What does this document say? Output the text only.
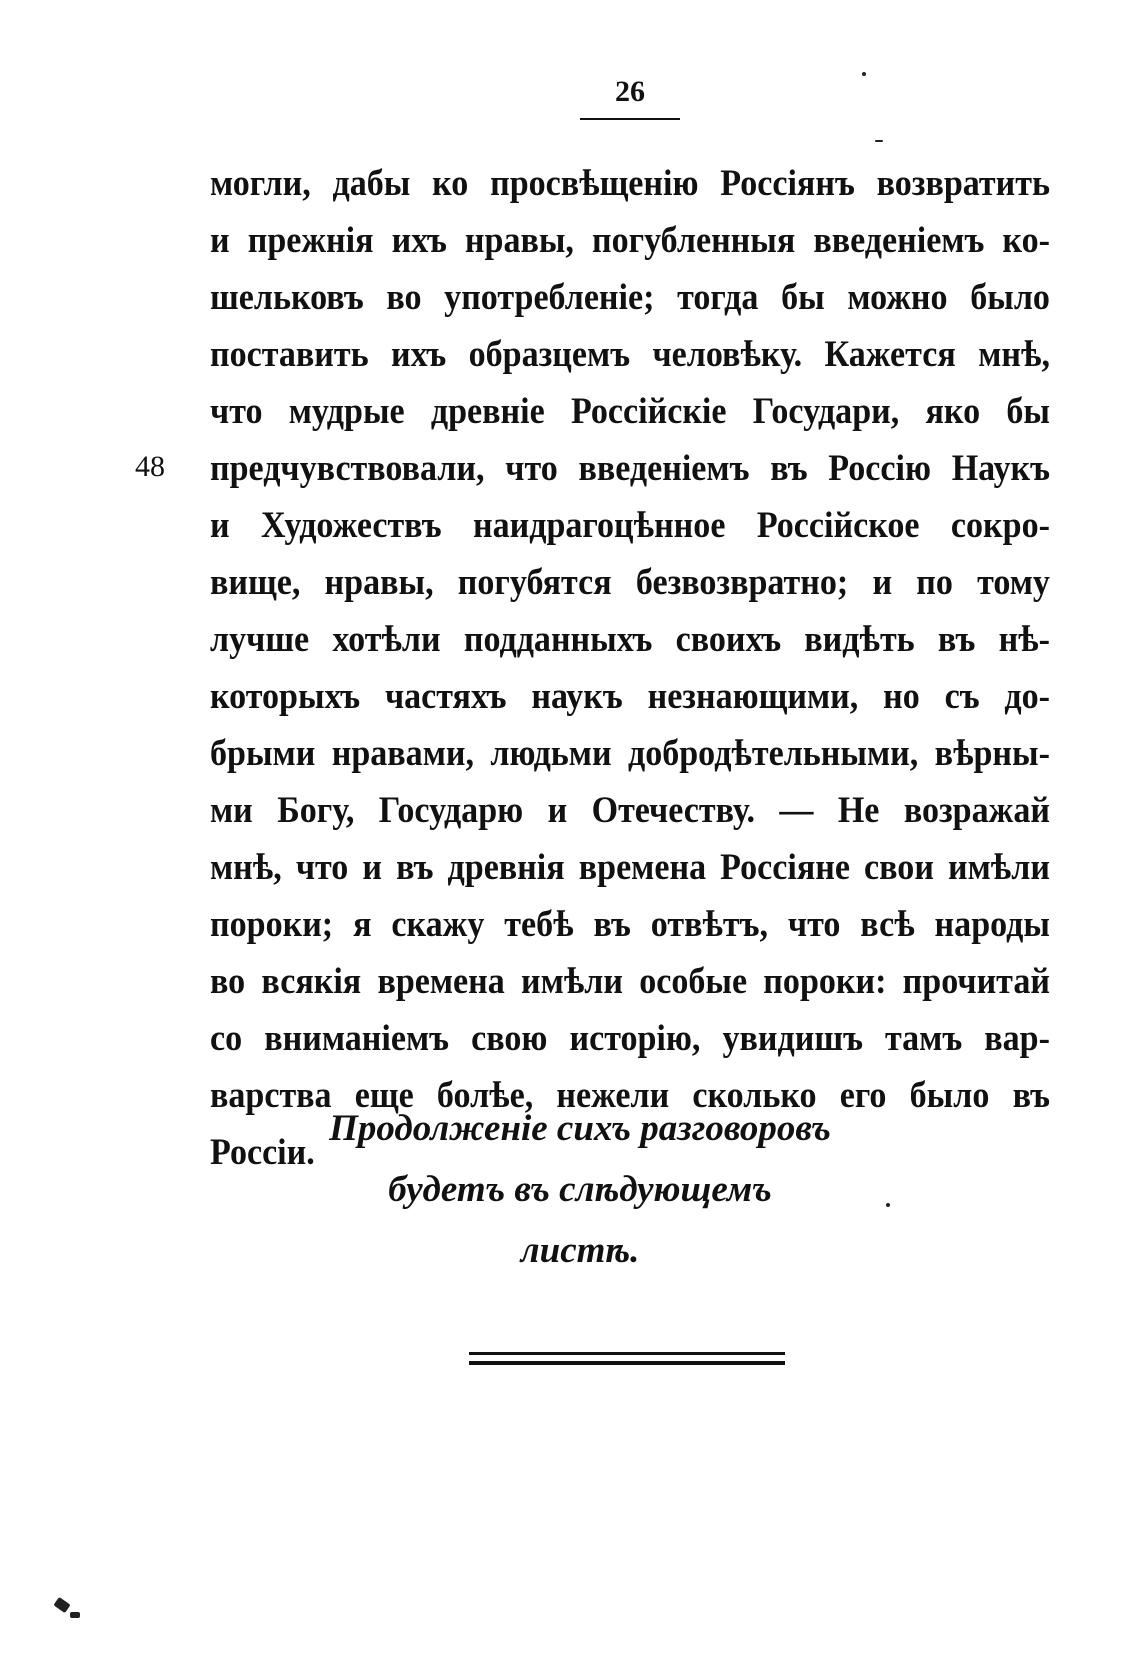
26
48
могли, дабы ко просвѣщенію Россіянъ возвратить
и прежнія ихъ нравы, погубленныя введеніемъ ко-
шельковъ во употребленіе; тогда бы можно было
поставить ихъ образцемъ человѣку. Кажется мнѣ,
что мудрые древніе Россійскіе Государи, яко бы
предчувствовали, что введеніемъ въ Россію Наукъ
и Художествъ наидрагоцѣнное Россійское сокро-
вище, нравы, погубятся безвозвратно; и по тому
лучше хотѣли подданныхъ своихъ видѣть въ нѣ-
которыхъ частяхъ наукъ незнающими, но съ до-
брыми нравами, людьми добродѣтельными, вѣрны-
ми Богу, Государю и Отечеству. — Не возражай
мнѣ, что и въ древнія времена Россіяне свои имѣли
пороки; я скажу тебѣ въ отвѣтъ, что всѣ народы
во всякія времена имѣли особые пороки: прочитай
со вниманіемъ свою исторію, увидишъ тамъ вар-
варства еще болѣе, нежели сколько его было въ
Россіи.
Продолженіе сихъ разговоровъ
будетъ въ слѣдующемъ
листѣ.
